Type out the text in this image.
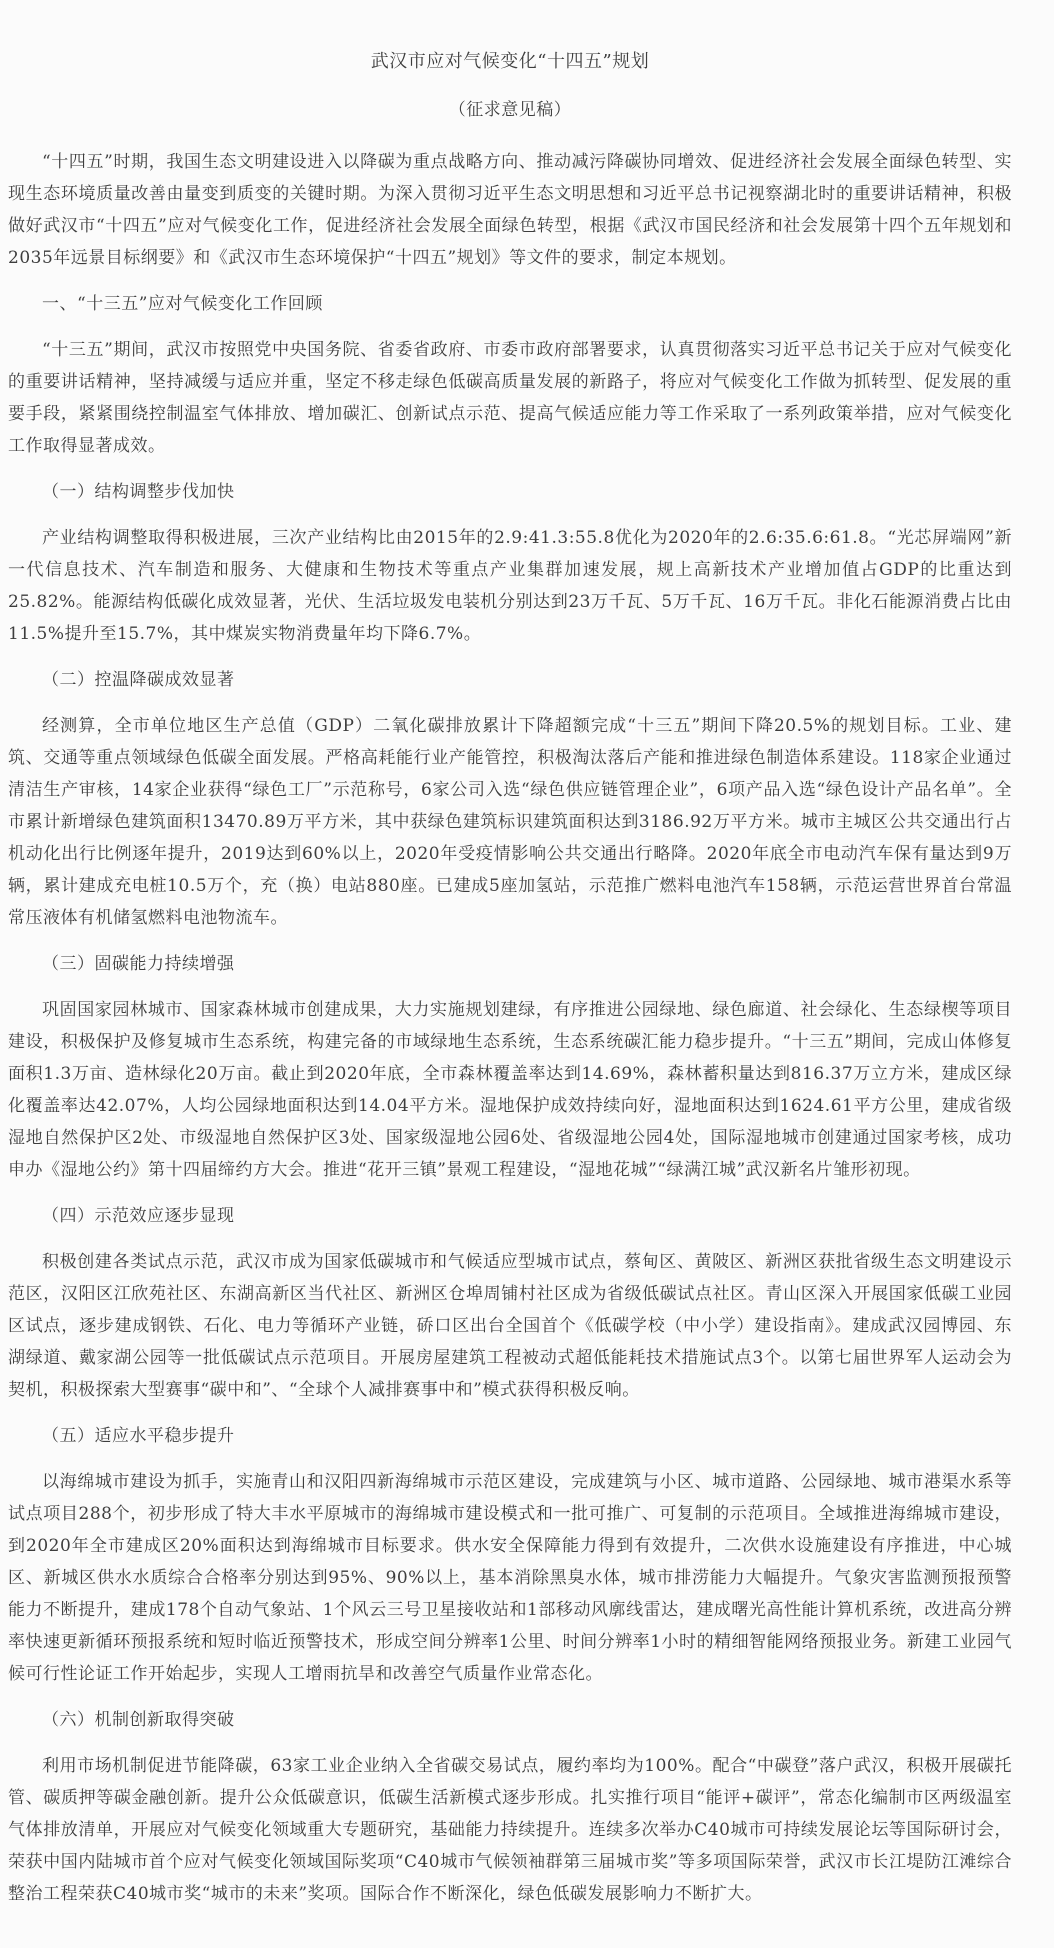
武汉市应对气候变化“十四五”规划

（征求意见稿）

“十四五”时期，我国生态文明建设进入以降碳为重点战略方向、推动减污降碳协同增效、促进经济社会发展全面绿色转型、实现生态环境质量改善由量变到质变的关键时期。为深入贯彻习近平生态文明思想和习近平总书记视察湖北时的重要讲话精神，积极做好武汉市“十四五”应对气候变化工作，促进经济社会发展全面绿色转型，根据《武汉市国民经济和社会发展第十四个五年规划和2035年远景目标纲要》和《武汉市生态环境保护“十四五”规划》等文件的要求，制定本规划。

一、“十三五”应对气候变化工作回顾

“十三五”期间，武汉市按照党中央国务院、省委省政府、市委市政府部署要求，认真贯彻落实习近平总书记关于应对气候变化的重要讲话精神，坚持减缓与适应并重，坚定不移走绿色低碳高质量发展的新路子，将应对气候变化工作做为抓转型、促发展的重要手段，紧紧围绕控制温室气体排放、增加碳汇、创新试点示范、提高气候适应能力等工作采取了一系列政策举措，应对气候变化工作取得显著成效。

（一）结构调整步伐加快

产业结构调整取得积极进展，三次产业结构比由2015年的2.9:41.3:55.8优化为2020年的2.6:35.6:61.8。“光芯屏端网”新一代信息技术、汽车制造和服务、大健康和生物技术等重点产业集群加速发展，规上高新技术产业增加值占GDP的比重达到25.82%。能源结构低碳化成效显著，光伏、生活垃圾发电装机分别达到23万千瓦、5万千瓦、16万千瓦。非化石能源消费占比由11.5%提升至15.7%，其中煤炭实物消费量年均下降6.7%。

（二）控温降碳成效显著

经测算，全市单位地区生产总值（GDP）二氧化碳排放累计下降超额完成“十三五”期间下降20.5%的规划目标。工业、建筑、交通等重点领域绿色低碳全面发展。严格高耗能行业产能管控，积极淘汰落后产能和推进绿色制造体系建设。118家企业通过清洁生产审核，14家企业获得“绿色工厂”示范称号，6家公司入选“绿色供应链管理企业”，6项产品入选“绿色设计产品名单”。全市累计新增绿色建筑面积13470.89万平方米，其中获绿色建筑标识建筑面积达到3186.92万平方米。城市主城区公共交通出行占机动化出行比例逐年提升，2019达到60%以上，2020年受疫情影响公共交通出行略降。2020年底全市电动汽车保有量达到9万辆，累计建成充电桩10.5万个，充（换）电站880座。已建成5座加氢站，示范推广燃料电池汽车158辆，示范运营世界首台常温常压液体有机储氢燃料电池物流车。

（三）固碳能力持续增强

巩固国家园林城市、国家森林城市创建成果，大力实施规划建绿，有序推进公园绿地、绿色廊道、社会绿化、生态绿楔等项目建设，积极保护及修复城市生态系统，构建完备的市域绿地生态系统，生态系统碳汇能力稳步提升。“十三五”期间，完成山体修复面积1.3万亩、造林绿化20万亩。截止到2020年底，全市森林覆盖率达到14.69%，森林蓄积量达到816.37万立方米，建成区绿化覆盖率达42.07%，人均公园绿地面积达到14.04平方米。湿地保护成效持续向好，湿地面积达到1624.61平方公里，建成省级湿地自然保护区2处、市级湿地自然保护区3处、国家级湿地公园6处、省级湿地公园4处，国际湿地城市创建通过国家考核，成功申办《湿地公约》第十四届缔约方大会。推进“花开三镇”景观工程建设，“湿地花城”“绿满江城”武汉新名片雏形初现。

（四）示范效应逐步显现

积极创建各类试点示范，武汉市成为国家低碳城市和气候适应型城市试点，蔡甸区、黄陂区、新洲区获批省级生态文明建设示范区，汉阳区江欣苑社区、东湖高新区当代社区、新洲区仓埠周铺村社区成为省级低碳试点社区。青山区深入开展国家低碳工业园区试点，逐步建成钢铁、石化、电力等循环产业链，硚口区出台全国首个《低碳学校（中小学）建设指南》。建成武汉园博园、东湖绿道、戴家湖公园等一批低碳试点示范项目。开展房屋建筑工程被动式超低能耗技术措施试点3个。以第七届世界军人运动会为契机，积极探索大型赛事“碳中和”、“全球个人减排赛事中和”模式获得积极反响。

（五）适应水平稳步提升

以海绵城市建设为抓手，实施青山和汉阳四新海绵城市示范区建设，完成建筑与小区、城市道路、公园绿地、城市港渠水系等试点项目288个，初步形成了特大丰水平原城市的海绵城市建设模式和一批可推广、可复制的示范项目。全域推进海绵城市建设，到2020年全市建成区20%面积达到海绵城市目标要求。供水安全保障能力得到有效提升，二次供水设施建设有序推进，中心城区、新城区供水水质综合合格率分别达到95%、90%以上，基本消除黑臭水体，城市排涝能力大幅提升。气象灾害监测预报预警能力不断提升，建成178个自动气象站、1个风云三号卫星接收站和1部移动风廓线雷达，建成曙光高性能计算机系统，改进高分辨率快速更新循环预报系统和短时临近预警技术，形成空间分辨率1公里、时间分辨率1小时的精细智能网络预报业务。新建工业园气候可行性论证工作开始起步，实现人工增雨抗旱和改善空气质量作业常态化。

（六）机制创新取得突破

利用市场机制促进节能降碳，63家工业企业纳入全省碳交易试点，履约率均为100%。配合“中碳登”落户武汉，积极开展碳托管、碳质押等碳金融创新。提升公众低碳意识，低碳生活新模式逐步形成。扎实推行项目“能评+碳评”，常态化编制市区两级温室气体排放清单，开展应对气候变化领域重大专题研究，基础能力持续提升。连续多次举办C40城市可持续发展论坛等国际研讨会，荣获中国内陆城市首个应对气候变化领域国际奖项“C40城市气候领袖群第三届城市奖”等多项国际荣誉，武汉市长江堤防江滩综合整治工程荣获C40城市奖“城市的未来”奖项。国际合作不断深化，绿色低碳发展影响力不断扩大。
